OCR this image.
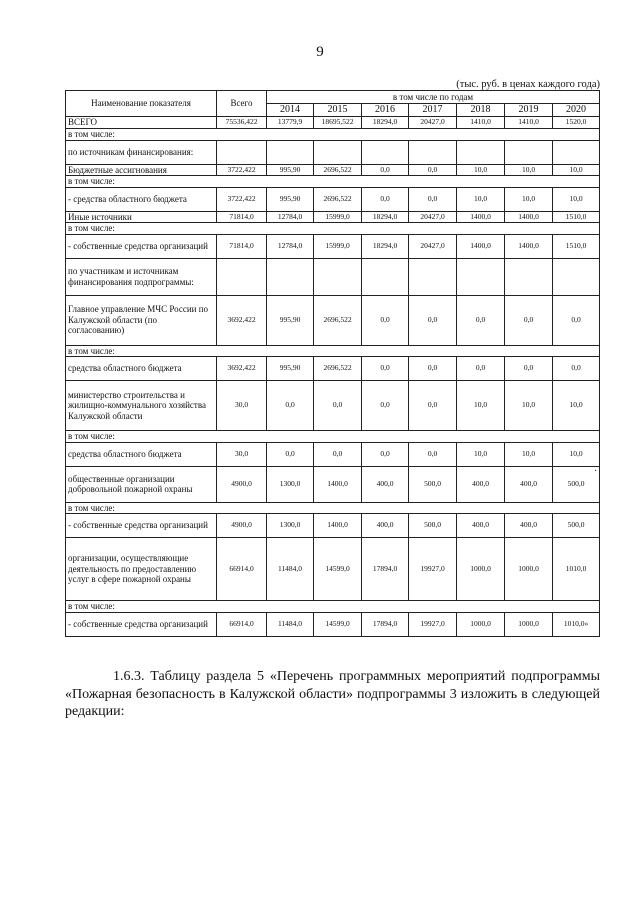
9
(тыс. руб. в ценах каждого года)
Наименование показателя	Всего	в том числе по годам						
		2014	2015	2016	2017	2018	2019	2020
ВСЕГО	75536,422	13779,9	18695,522	18294,0	20427,0	1410,0	1410,0	1520,0
в том числе:								
по источникам финансирования:								
Бюджетные ассигнования	3722,422	995,90	2696,522	0,0	0,0	10,0	10,0	10,0
в том числе:								
- средства областного бюджета	3722,422	995,90	2696,522	0,0	0,0	10,0	10,0	10,0
Иные источники	71814,0	12784,0	15999,0	18294,0	20427,0	1400,0	1400,0	1510,0
в том числе:								
- собственные средства организаций	71814,0	12784,0	15999,0	18294,0	20427,0	1400,0	1400,0	1510,0
по участникам и источникам финансирования подпрограммы:								
Главное управление МЧС России по Калужской области (по согласованию)	3692,422	995,90	2696,522	0,0	0,0	0,0	0,0	0,0
в том числе:								
средства областного бюджета	3692,422	995,90	2696,522	0,0	0,0	0,0	0,0	0,0
министерство строительства и жилищно-коммунального хозяйства Калужской области	30,0	0,0	0,0	0,0	0,0	10,0	10,0	10,0
в том числе:								
средства областного бюджета	30,0	0,0	0,0	0,0	0,0	10,0	10,0	10,0
общественные организации добровольной пожарной охраны	4900,0	1300,0	1400,0	400,0	500,0	400,0	400,0	500,0
в том числе:								
- собственные средства организаций	4900,0	1300,0	1400,0	400,0	500,0	400,0	400,0	500,0
организации, осуществляющие деятельность по предоставлению услуг в сфере пожарной охраны	66914,0	11484,0	14599,0	17894,0	19927,0	1000,0	1000,0	1010,0
в том числе:								
- собственные средства организаций	66914,0	11484,0	14599,0	17894,0	19927,0	1000,0	1000,0	1010,0»
·
1.6.3. Таблицу раздела 5 «Перечень программных мероприятий подпрограммы «Пожарная безопасность в Калужской области» подпрограммы 3 изложить в следующей редакции:
